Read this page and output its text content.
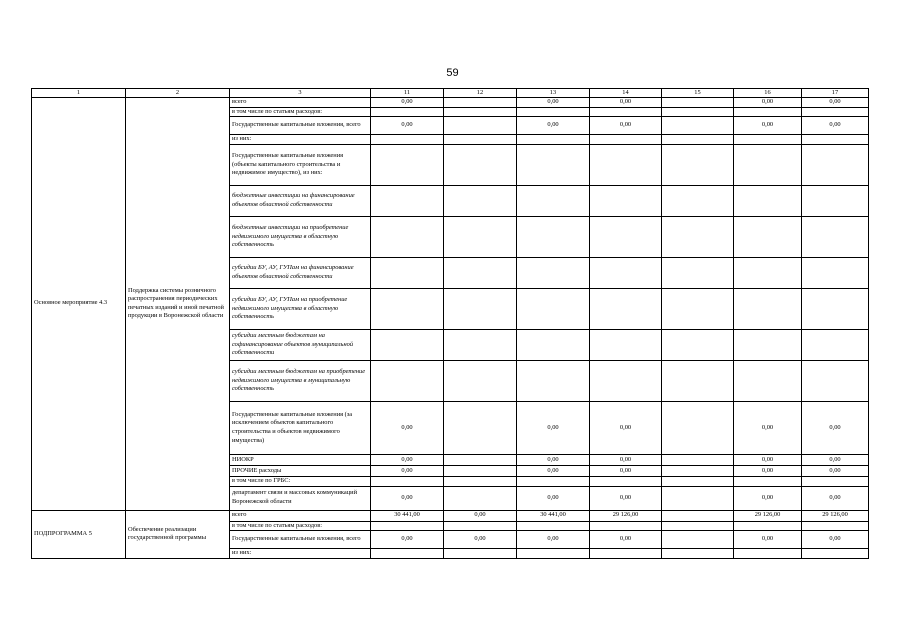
59
1	2	3	11	12	13	14	15	16	17
Основное мероприятие 4.3	Поддержка системы розничного распространения периодических печатных изданий и иной печатной продукции в Воронежской области	всего	0,00		0,00	0,00		0,00	0,00
		в том числе по статьям расходов:							
		Государственные капитальные вложения, всего	0,00		0,00	0,00		0,00	0,00
		из них:							
		Государственные капитальные вложения (объекты капитального строительства и недвижимое имущество), из них:							
		бюджетные инвестиции на финансирование объектов областной собственности							
		бюджетные инвестиции на приобретение недвижимого имущества в областную собственность							
		субсидии БУ, АУ, ГУПам на финансирование объектов областной собственности							
		субсидии БУ, АУ, ГУПам на приобретение недвижимого имущества в областную собственность							
		субсидии местным бюджетам на софинансирование объектов муниципальной собственности							
		субсидии местным бюджетам на приобретение недвижимого имущества в муниципальную собственность							
		Государственные капитальные вложения (за исключением объектов капитального строительства и объектов недвижимого имущества)	0,00		0,00	0,00		0,00	0,00
		НИОКР	0,00		0,00	0,00		0,00	0,00
		ПРОЧИЕ расходы	0,00		0,00	0,00		0,00	0,00
		в том числе по ГРБС:							
		департамент связи и массовых коммуникаций Воронежской области	0,00		0,00	0,00		0,00	0,00
ПОДПРОГРАММА 5	Обеспечение реализации государственной программы	всего	30 441,00	0,00	30 441,00	29 126,00		29 126,00	29 126,00
		в том числе по статьям расходов:							
		Государственные капитальные вложения, всего	0,00	0,00	0,00	0,00		0,00	0,00
		из них:							
